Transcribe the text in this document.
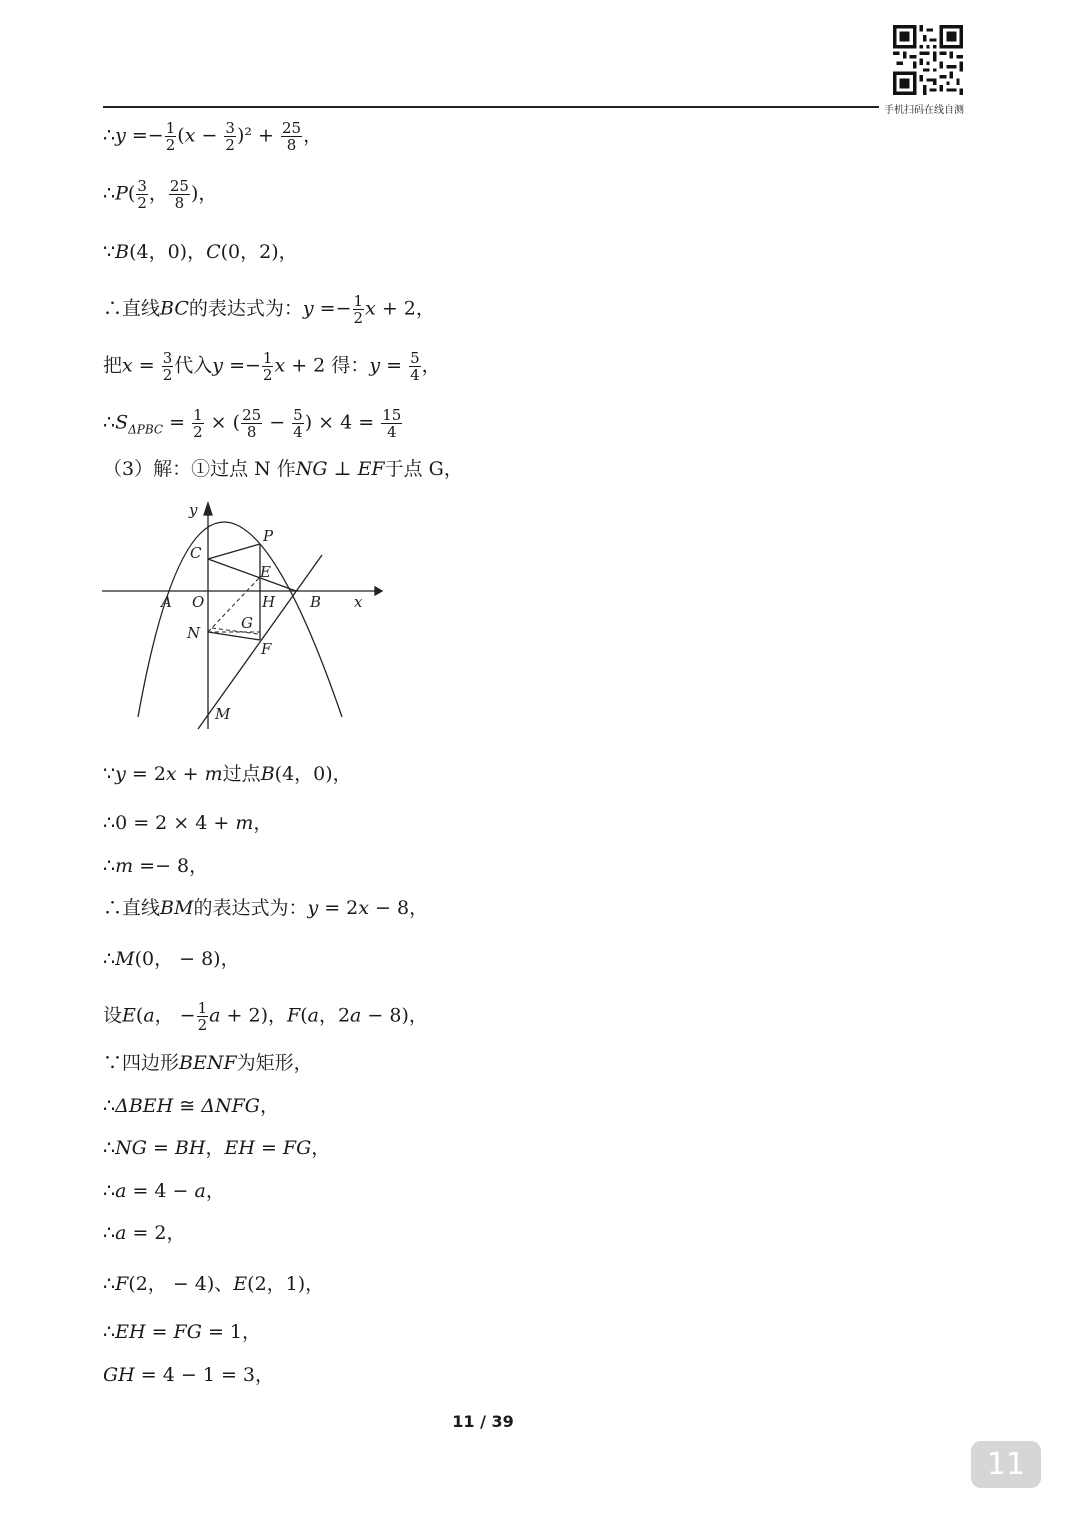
手机扫码在线自测
∴y =− $\frac{1}{2} (x - \frac{3}{2} )^2 + \frac{25}{8}$ ，
∴P( $\frac{3}{2}$ ， $\frac{25}{8}$ )，
∵B(4，0)，C(0，2)，
∴直线BC的表达式为：$y =- \frac{1}{2}$ x + 2，
把$x = \frac{3}{2}$ 代入$y =- \frac{1}{2}$ x + 2 得：$y = \frac{5}{4}$ ，
$\therefore S_{\Delta PBC} = \frac{1}{2}$ × ( $\frac{25}{8} - \frac{5}{4}$ ) × $4 = \frac{15}{4}$
（3）解：①过点 N 作NG ⊥ EF于点 G，
y
x
C
P
E
A O	H B
N
G
F
M
∵y = 2x + m过点B(4，0)，
∴0 = 2 × 4 + m，
∴m =− 8，
∴直线BM的表达式为：y = 2x − 8，
∴M(0， − 8)，
设E(a， − $\frac{1}{2}$ a + 2)，F(a，2a − 8)，
∵四边形BENF为矩形，
∴ΔBEH ≅ ΔNFG，
∴NG = BH，EH = FG，
∴a = 4 − a，
∴a = 2，
∴F(2， − 4)、E(2，1)，
∴EH = FG = 1，
GH = 4 − 1 = 3，
11 / 39
11
